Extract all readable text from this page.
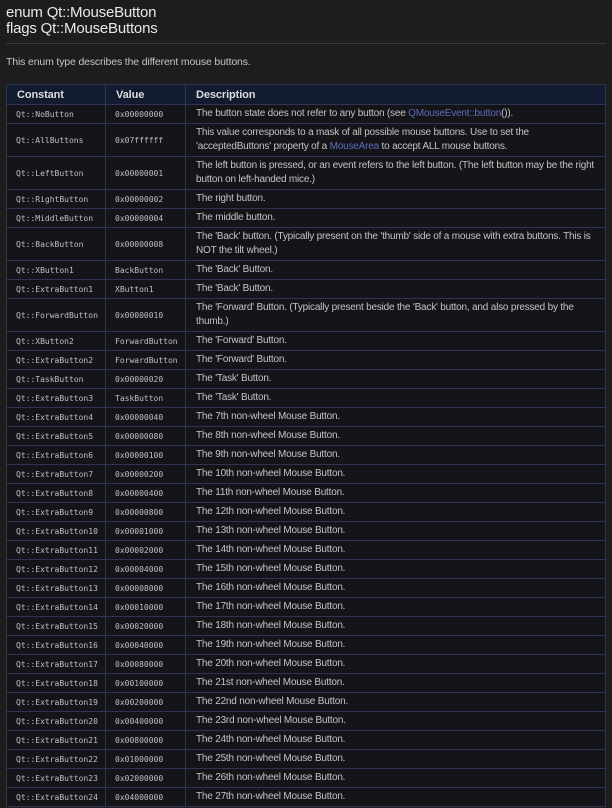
enum Qt::MouseButton
flags Qt::MouseButtons

This enum type describes the different mouse buttons.

Constant	Value	Description
Qt::NoButton	0x00000000	The button state does not refer to any button (see QMouseEvent::button()).
Qt::AllButtons	0x07ffffff	This value corresponds to a mask of all possible mouse buttons. Use to set the 'acceptedButtons' property of a MouseArea to accept ALL mouse buttons.
Qt::LeftButton	0x00000001	The left button is pressed, or an event refers to the left button. (The left button may be the right button on left-handed mice.)
Qt::RightButton	0x00000002	The right button.
Qt::MiddleButton	0x00000004	The middle button.
Qt::BackButton	0x00000008	The 'Back' button. (Typically present on the 'thumb' side of a mouse with extra buttons. This is NOT the tilt wheel.)
Qt::XButton1	BackButton	The 'Back' Button.
Qt::ExtraButton1	XButton1	The 'Back' Button.
Qt::ForwardButton	0x00000010	The 'Forward' Button. (Typically present beside the 'Back' button, and also pressed by the thumb.)
Qt::XButton2	ForwardButton	The 'Forward' Button.
Qt::ExtraButton2	ForwardButton	The 'Forward' Button.
Qt::TaskButton	0x00000020	The 'Task' Button.
Qt::ExtraButton3	TaskButton	The 'Task' Button.
Qt::ExtraButton4	0x00000040	The 7th non-wheel Mouse Button.
Qt::ExtraButton5	0x00000080	The 8th non-wheel Mouse Button.
Qt::ExtraButton6	0x00000100	The 9th non-wheel Mouse Button.
Qt::ExtraButton7	0x00000200	The 10th non-wheel Mouse Button.
Qt::ExtraButton8	0x00000400	The 11th non-wheel Mouse Button.
Qt::ExtraButton9	0x00000800	The 12th non-wheel Mouse Button.
Qt::ExtraButton10	0x00001000	The 13th non-wheel Mouse Button.
Qt::ExtraButton11	0x00002000	The 14th non-wheel Mouse Button.
Qt::ExtraButton12	0x00004000	The 15th non-wheel Mouse Button.
Qt::ExtraButton13	0x00008000	The 16th non-wheel Mouse Button.
Qt::ExtraButton14	0x00010000	The 17th non-wheel Mouse Button.
Qt::ExtraButton15	0x00020000	The 18th non-wheel Mouse Button.
Qt::ExtraButton16	0x00040000	The 19th non-wheel Mouse Button.
Qt::ExtraButton17	0x00080000	The 20th non-wheel Mouse Button.
Qt::ExtraButton18	0x00100000	The 21st non-wheel Mouse Button.
Qt::ExtraButton19	0x00200000	The 22nd non-wheel Mouse Button.
Qt::ExtraButton20	0x00400000	The 23rd non-wheel Mouse Button.
Qt::ExtraButton21	0x00800000	The 24th non-wheel Mouse Button.
Qt::ExtraButton22	0x01000000	The 25th non-wheel Mouse Button.
Qt::ExtraButton23	0x02000000	The 26th non-wheel Mouse Button.
Qt::ExtraButton24	0x04000000	The 27th non-wheel Mouse Button.
